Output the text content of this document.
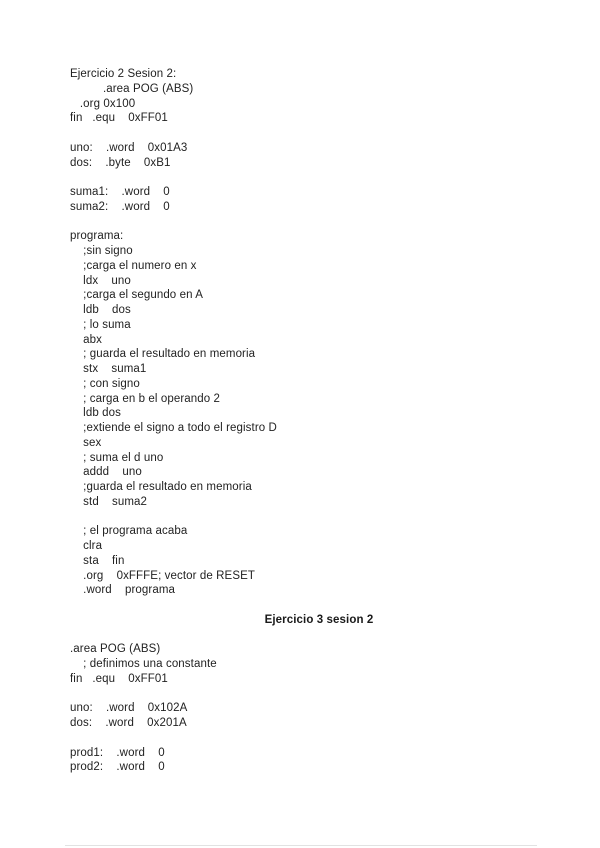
Ejercicio 2 Sesion 2:
.area POG (ABS)
.org 0x100
fin   .equ    0xFF01
uno:    .word    0x01A3
dos:    .byte    0xB1
suma1:    .word    0
suma2:    .word    0
programa:
;sin signo
;carga el numero en x
ldx    uno
;carga el segundo en A
ldb    dos
; lo suma
abx
; guarda el resultado en memoria
stx    suma1
; con signo
; carga en b el operando 2
ldb dos
;extiende el signo a todo el registro D
sex
; suma el d uno
addd    uno
;guarda el resultado en memoria
std    suma2
; el programa acaba
clra
sta    fin
.org    0xFFFE; vector de RESET
.word    programa
Ejercicio 3 sesion 2
.area POG (ABS)
; definimos una constante
fin   .equ    0xFF01
uno:    .word    0x102A
dos:    .word    0x201A
prod1:    .word    0
prod2:    .word    0
